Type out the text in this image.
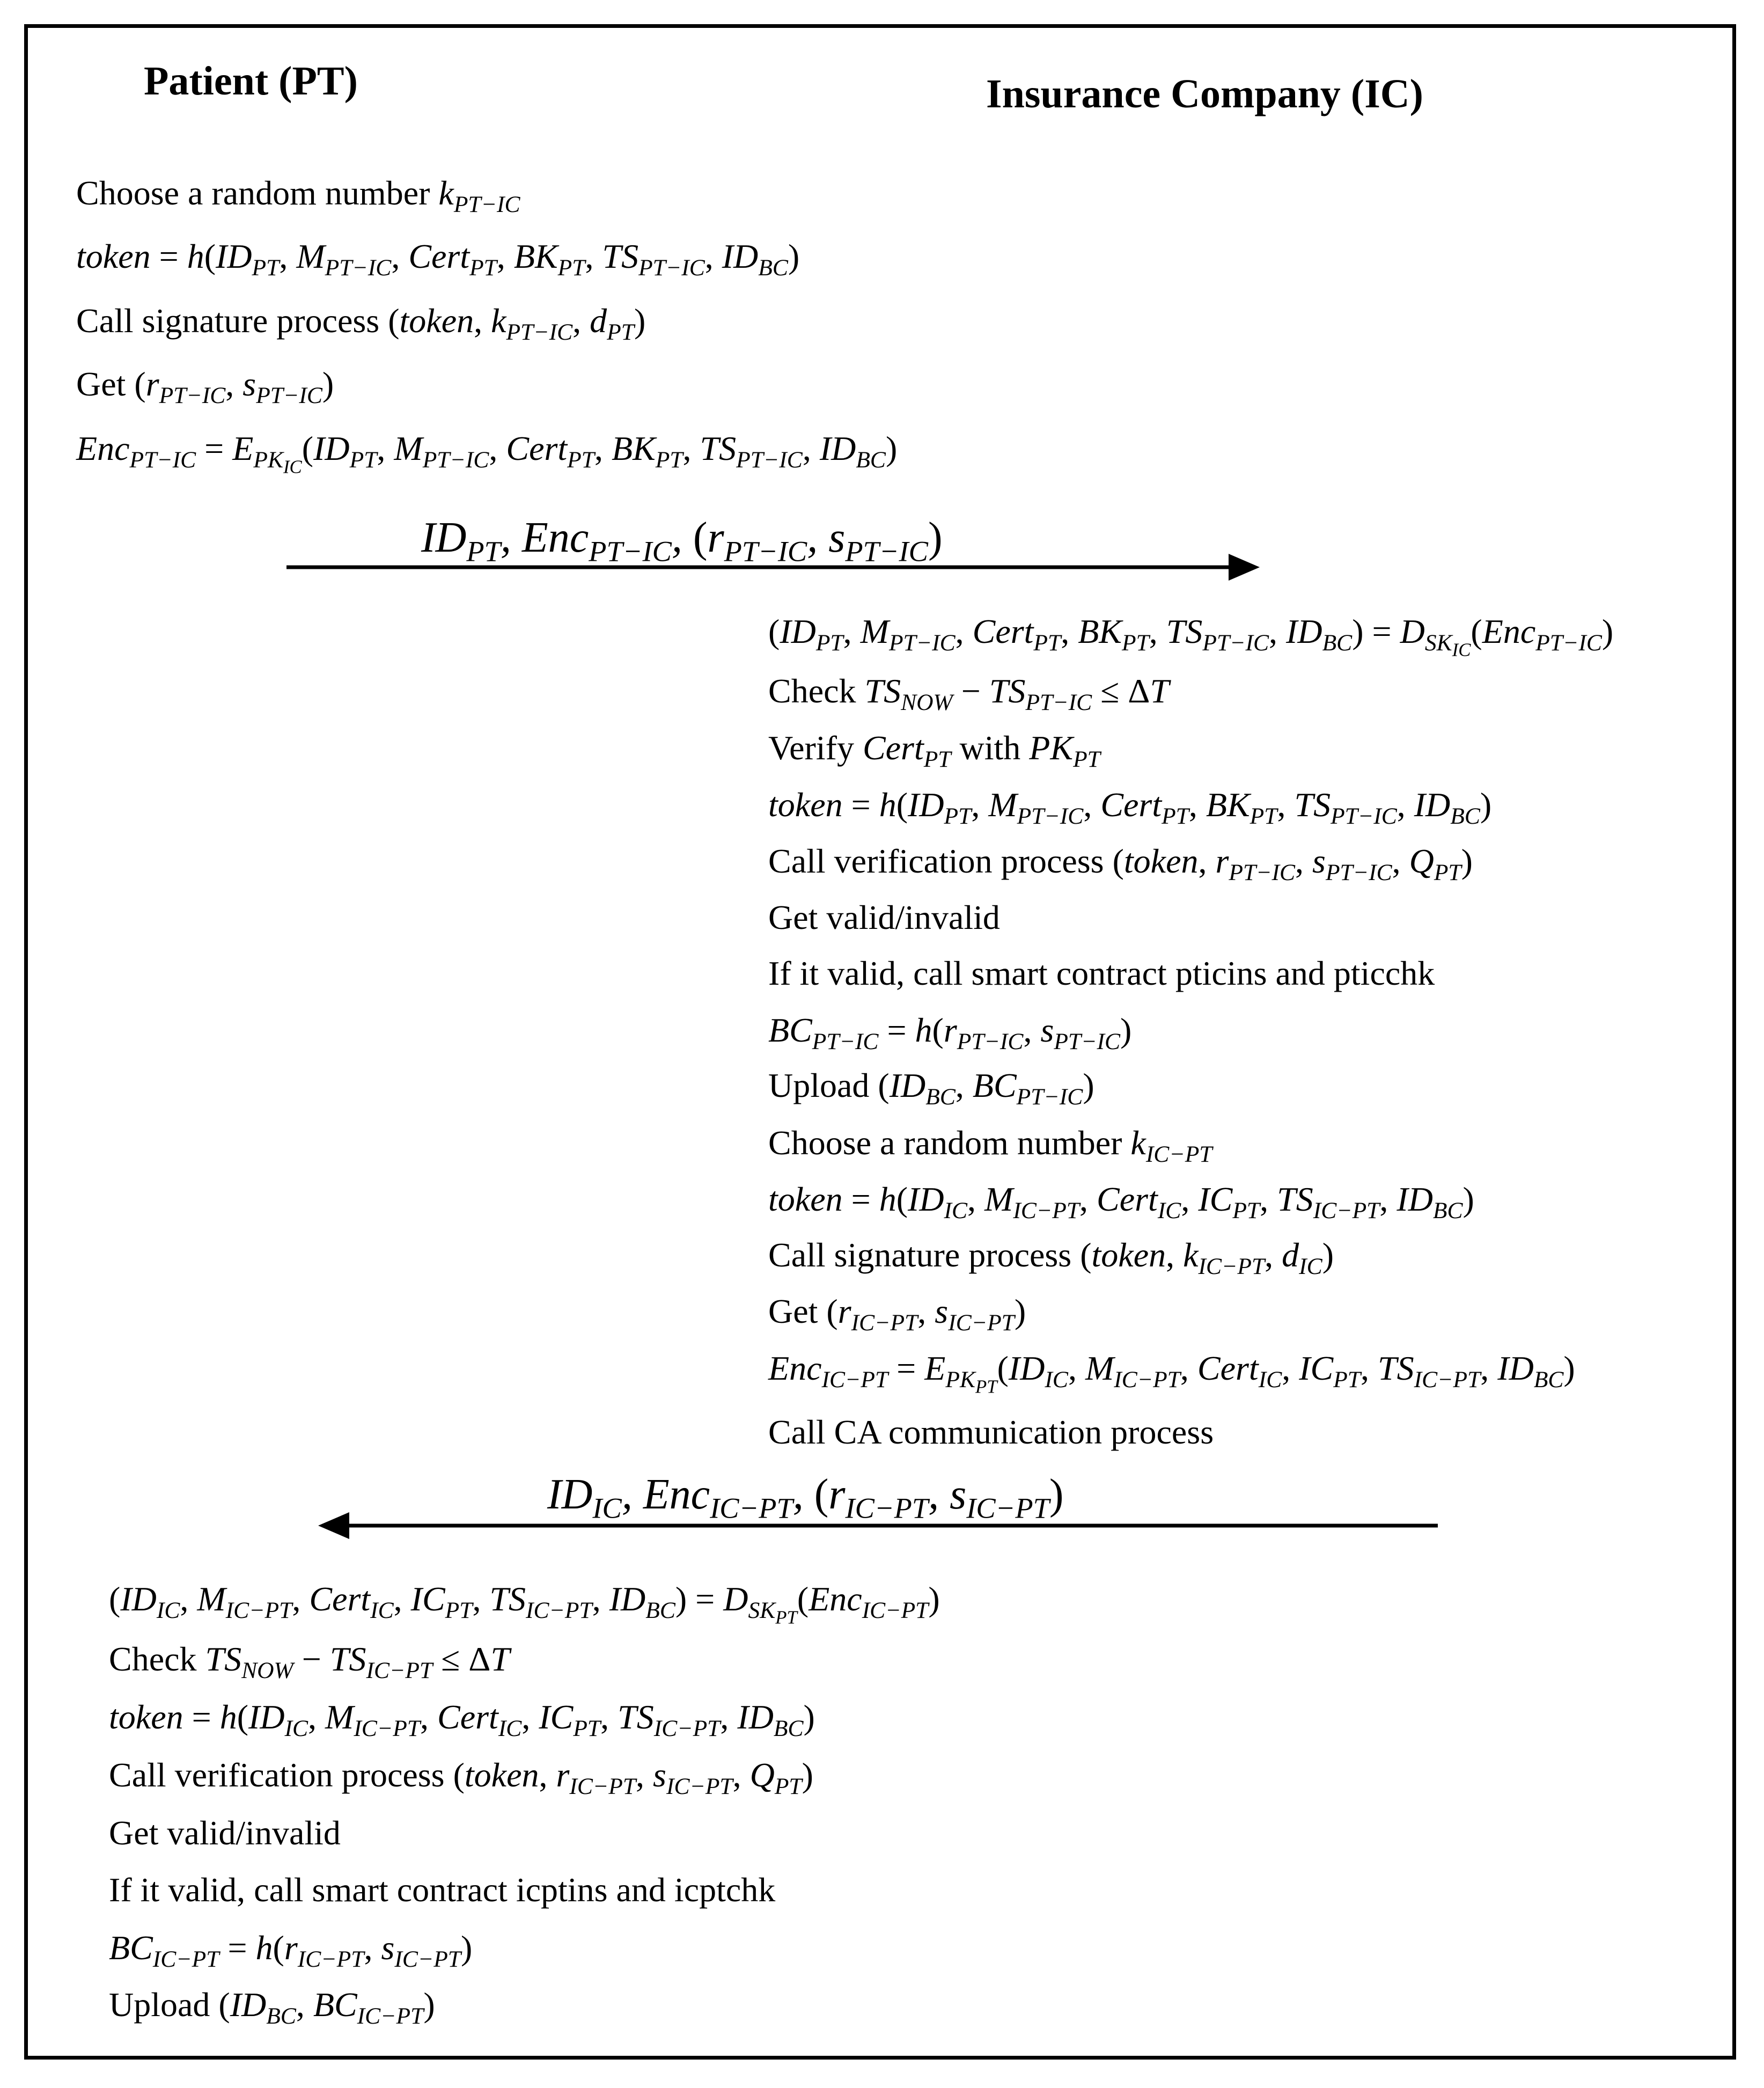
Patient (PT)	Insurance Company (IC)
Choose a random number $k_{PT-IC}$
token = $h(ID_{PT}$, $M_{PT-IC}$, Cert$_{PT}$, $BK_{PT}$, $TS_{PT-IC}$, $ID_{BC}$)
Call signature process (token, $k_{PT-IC}$, $d_{PT}$)
Get ($r_{PT-IC}$, $s_{PT-IC}$)
$Enc_{PT-IC} = E_{PK_{IC}}(ID_{PT}$, $M_{PT-IC}$, Cert$_{PT}$, $BK_{PT}$, $TS_{PT-IC}$, $ID_{BC}$)
$ID_{PT}$, Enc$_{PT-IC}$, ($r_{PT-IC}$, $s_{PT-IC}$)
($ID_{PT}$, $M_{PT-IC}$, Cert$_{PT}$, $BK_{PT}$, $TS_{PT-IC}$, $ID_{BC}) = D_{SK_{IC}}(Enc_{PT-IC})$
Check $TS_{NOW} - TS_{PT-IC} \le \Delta T$
Verify Cert$_{PT}$ with $PK_{PT}$
token = $h(ID_{PT}$, $M_{PT-IC}$, Cert$_{PT}$, $BK_{PT}$, $TS_{PT-IC}$, $ID_{BC}$)
Call verification process (token, $r_{PT-IC}$, $s_{PT-IC}$, $Q_{PT}$)
Get valid/invalid
If it valid, call smart contract pticins and pticchk
$BC_{PT-IC} = h(r_{PT-IC}$, $s_{PT-IC}$)
Upload ($ID_{BC}$, $BC_{PT-IC}$)
Choose a random number $k_{IC-PT}$
token = $h(ID_{IC}$, $M_{IC-PT}$, Cert$_{IC}$, $IC_{PT}$, $TS_{IC-PT}$, $ID_{BC}$)
Call signature process (token, $k_{IC-PT}$, $d_{IC}$)
Get ($r_{IC-PT}$, $s_{IC-PT}$)
$Enc_{IC-PT} = E_{PK_{PT}}(ID_{IC}$, $M_{IC-PT}$, Cert$_{IC}$, $IC_{PT}$, $TS_{IC-PT}$, $ID_{BC}$)
Call CA communication process
$ID_{IC}$, Enc$_{IC-PT}$, ($r_{IC-PT}$, $s_{IC-PT}$)
($ID_{IC}$, $M_{IC-PT}$, Cert$_{IC}$, $IC_{PT}$, $TS_{IC-PT}$, $ID_{BC}) = D_{SK_{PT}}(Enc_{IC-PT})$
Check $TS_{NOW} - TS_{IC-PT} \le \Delta T$
token = $h(ID_{IC}$, $M_{IC-PT}$, Cert$_{IC}$, $IC_{PT}$, $TS_{IC-PT}$, $ID_{BC}$)
Call verification process (token, $r_{IC-PT}$, $s_{IC-PT}$, $Q_{PT}$)
Get valid/invalid
If it valid, call smart contract icptins and icptchk
$BC_{IC-PT} = h(r_{IC-PT}$, $s_{IC-PT}$)
Upload ($ID_{BC}$, $BC_{IC-PT}$)
